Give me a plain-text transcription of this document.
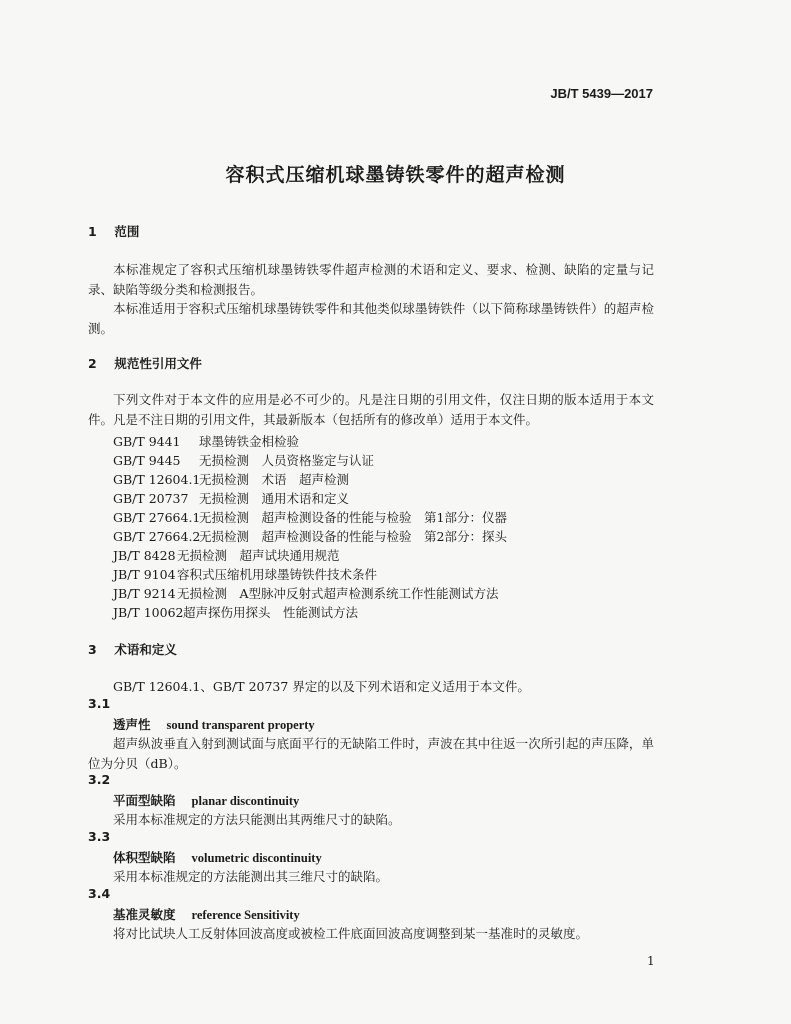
JB/T 5439—2017
容积式压缩机球墨铸铁零件的超声检测
1 范围

本标准规定了容积式压缩机球墨铸铁零件超声检测的术语和定义、要求、检测、缺陷的定量与记录、缺陷等级分类和检测报告。

本标准适用于容积式压缩机球墨铸铁零件和其他类似球墨铸铁件（以下简称球墨铸铁件）的超声检测。

2 规范性引用文件

下列文件对于本文件的应用是必不可少的。凡是注日期的引用文件，仅注日期的版本适用于本文件。凡是不注日期的引用文件，其最新版本（包括所有的修改单）适用于本文件。

GB/T 9441 球墨铸铁金相检验
GB/T 9445 无损检测　人员资格鉴定与认证
GB/T 12604.1无损检测　术语　超声检测
GB/T 20737 无损检测　通用术语和定义
GB/T 27664.1无损检测　超声检测设备的性能与检验　第1部分：仪器
GB/T 27664.2无损检测　超声检测设备的性能与检验　第2部分：探头
JB/T 8428无损检测　超声试块通用规范
JB/T 9104容积式压缩机用球墨铸铁件技术条件
JB/T 9214无损检测　A型脉冲反射式超声检测系统工作性能测试方法
JB/T 10062超声探伤用探头　性能测试方法
3 术语和定义
GB/T 12604.1、GB/T 20737 界定的以及下列术语和定义适用于本文件。
3.1
透声性 sound transparent property

超声纵波垂直入射到测试面与底面平行的无缺陷工件时，声波在其中往返一次所引起的声压降，单位为分贝（dB）。

3.2
平面型缺陷 planar discontinuity

采用本标准规定的方法只能测出其两维尺寸的缺陷。

3.3
体积型缺陷 volumetric discontinuity

采用本标准规定的方法能测出其三维尺寸的缺陷。

3.4
基准灵敏度 reference Sensitivity

将对比试块人工反射体回波高度或被检工件底面回波高度调整到某一基准时的灵敏度。

1
